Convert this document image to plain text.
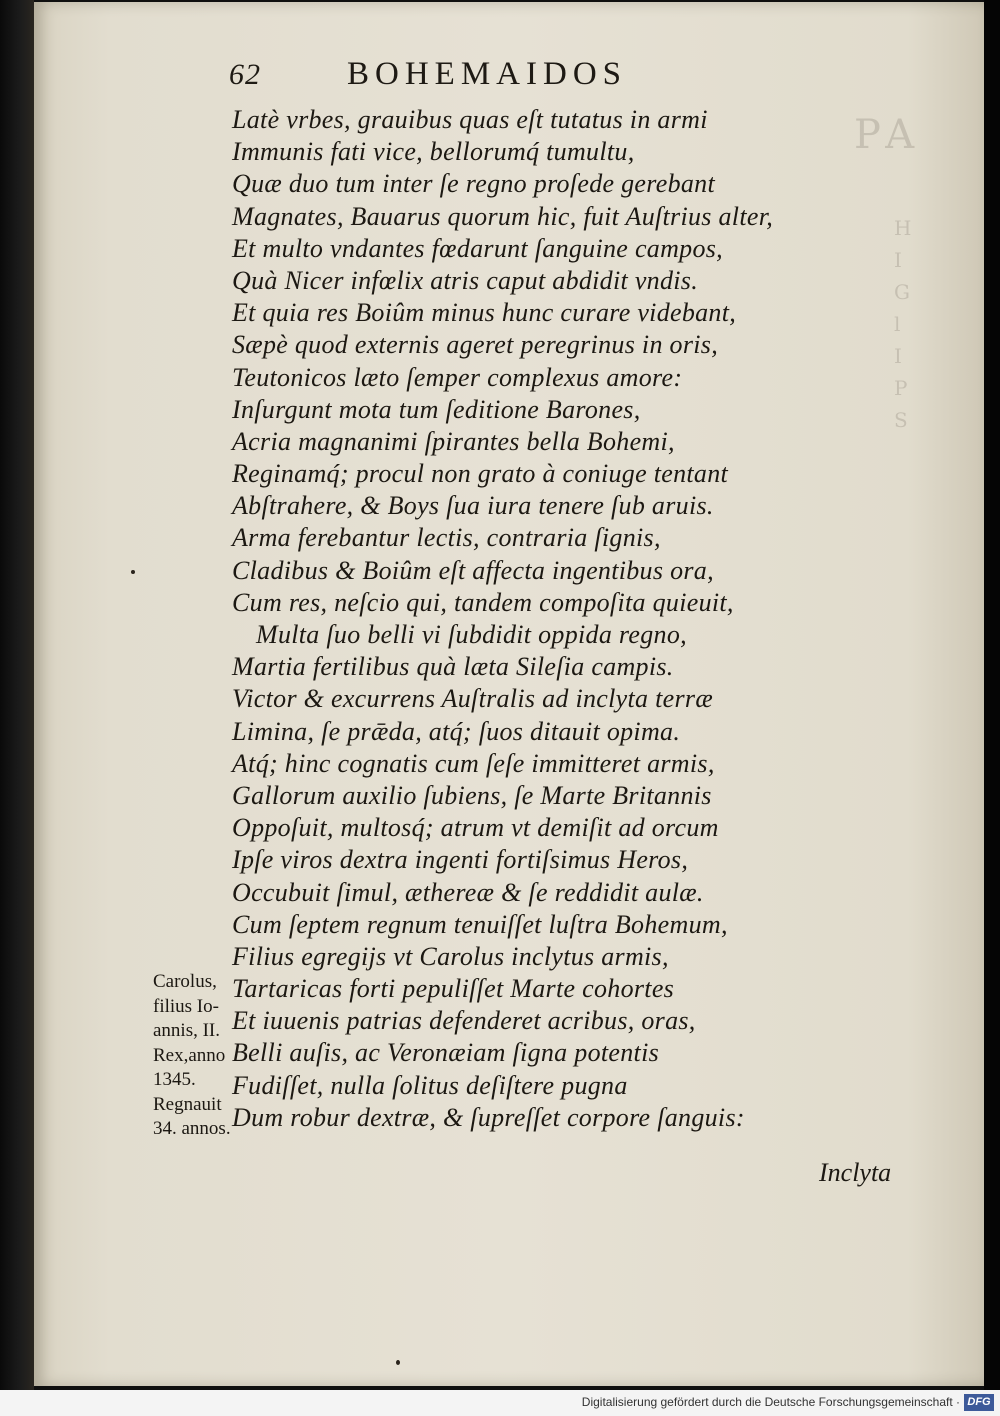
PA
H
I
G
l
I
P
S
62	BOHEMAIDOS
Latè vrbes, grauibus quas eſt tutatus in armi
Immunis fati vice, bellorumq́ tumultu,
Quæ duo tum inter ſe regno proſede gerebant
Magnates, Bauarus quorum hic, fuit Auſtrius alter,
Et multo vndantes fœdarunt ſanguine campos,
Quà Nicer infœlix atris caput abdidit vndis.
Et quia res Boiûm minus hunc curare videbant,
Sæpè quod externis ageret peregrinus in oris,
Teutonicos læto ſemper complexus amore:
Inſurgunt mota tum ſeditione Barones,
Acria magnanimi ſpirantes bella Bohemi,
Reginamq́; procul non grato à coniuge tentant
Abſtrahere, & Boys ſua iura tenere ſub aruis.
Arma ferebantur lectis, contraria ſignis,
Cladibus & Boiûm eſt affecta ingentibus ora,
Cum res, neſcio qui, tandem compoſita quieuit,
Multa ſuo belli vi ſubdidit oppida regno,
Martia fertilibus quà læta Sileſia campis.
Victor & excurrens Auſtralis ad inclyta terræ
Limina, ſe prǣda, atq́; ſuos ditauit opima.
Atq́; hinc cognatis cum ſeſe immitteret armis,
Gallorum auxilio ſubiens, ſe Marte Britannis
Oppoſuit, multosq́; atrum vt demiſit ad orcum
Ipſe viros dextra ingenti fortiſsimus Heros,
Occubuit ſimul, æthereæ & ſe reddidit aulæ.
Cum ſeptem regnum tenuiſſet luſtra Bohemum,
Filius egregijs vt Carolus inclytus armis,
Tartaricas forti pepuliſſet Marte cohortes
Et iuuenis patrias defenderet acribus, oras,
Belli auſis, ac Veronæiam ſigna potentis
Fudiſſet, nulla ſolitus deſiſtere pugna
Dum robur dextræ, & ſupreſſet corpore ſanguis:
Carolus,
filius Io-
annis, II.
Rex,anno
1345.
Regnauit
34. annos.
Inclyta
Digitalisierung gefördert durch die Deutsche Forschungsgemeinschaft · DFG
